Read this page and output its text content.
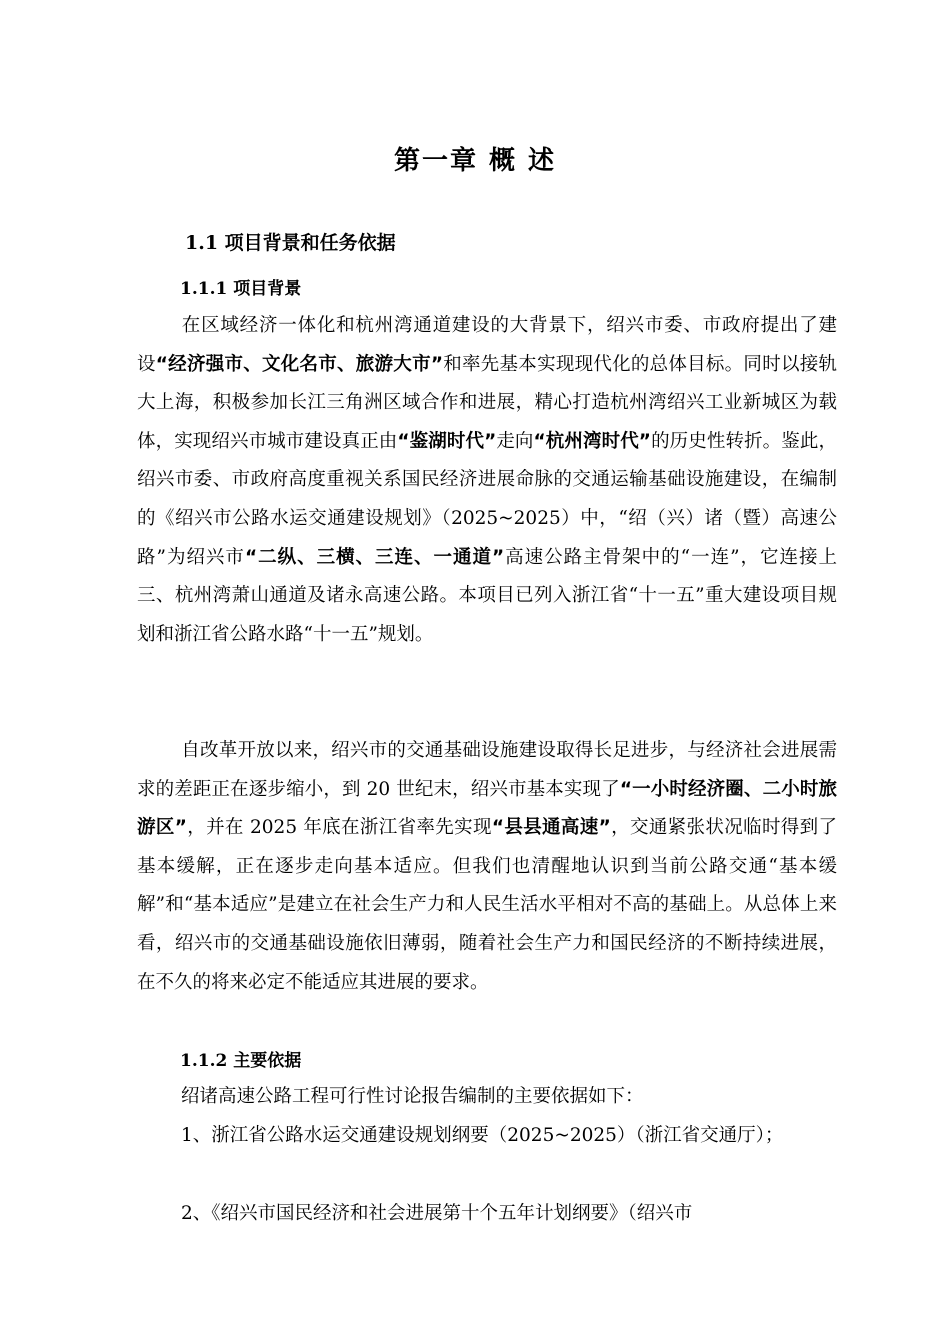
第一章 概 述
1.1 项目背景和任务依据
1.1.1 项目背景

在区域经济一体化和杭州湾通道建设的大背景下，绍兴市委、市政府提出了建设“经济强市、文化名市、旅游大市”和率先基本实现现代化的总体目标。同时以接轨大上海，积极参加长江三角洲区域合作和进展，精心打造杭州湾绍兴工业新城区为载体，实现绍兴市城市建设真正由“鉴湖时代”走向“杭州湾时代”的历史性转折。鉴此，绍兴市委、市政府高度重视关系国民经济进展命脉的交通运输基础设施建设，在编制的《绍兴市公路水运交通建设规划》（2025~2025）中，“绍（兴）诸（暨）高速公路”为绍兴市“二纵、三横、三连、一通道”高速公路主骨架中的“一连”，它连接上三、杭州湾萧山通道及诸永高速公路。本项目已列入浙江省“十一五”重大建设项目规划和浙江省公路水路“十一五”规划。

自改革开放以来，绍兴市的交通基础设施建设取得长足进步，与经济社会进展需求的差距正在逐步缩小，到 20 世纪末，绍兴市基本实现了“一小时经济圈、二小时旅游区”，并在 2025 年底在浙江省率先实现“县县通高速”，交通紧张状况临时得到了基本缓解，正在逐步走向基本适应。但我们也清醒地认识到当前公路交通“基本缓解”和“基本适应”是建立在社会生产力和人民生活水平相对不高的基础上。从总体上来看，绍兴市的交通基础设施依旧薄弱，随着社会生产力和国民经济的不断持续进展，在不久的将来必定不能适应其进展的要求。

1.1.2 主要依据

绍诸高速公路工程可行性讨论报告编制的主要依据如下：

1、浙江省公路水运交通建设规划纲要（2025~2025）（浙江省交通厅）；

2、《绍兴市国民经济和社会进展第十个五年计划纲要》（绍兴市
